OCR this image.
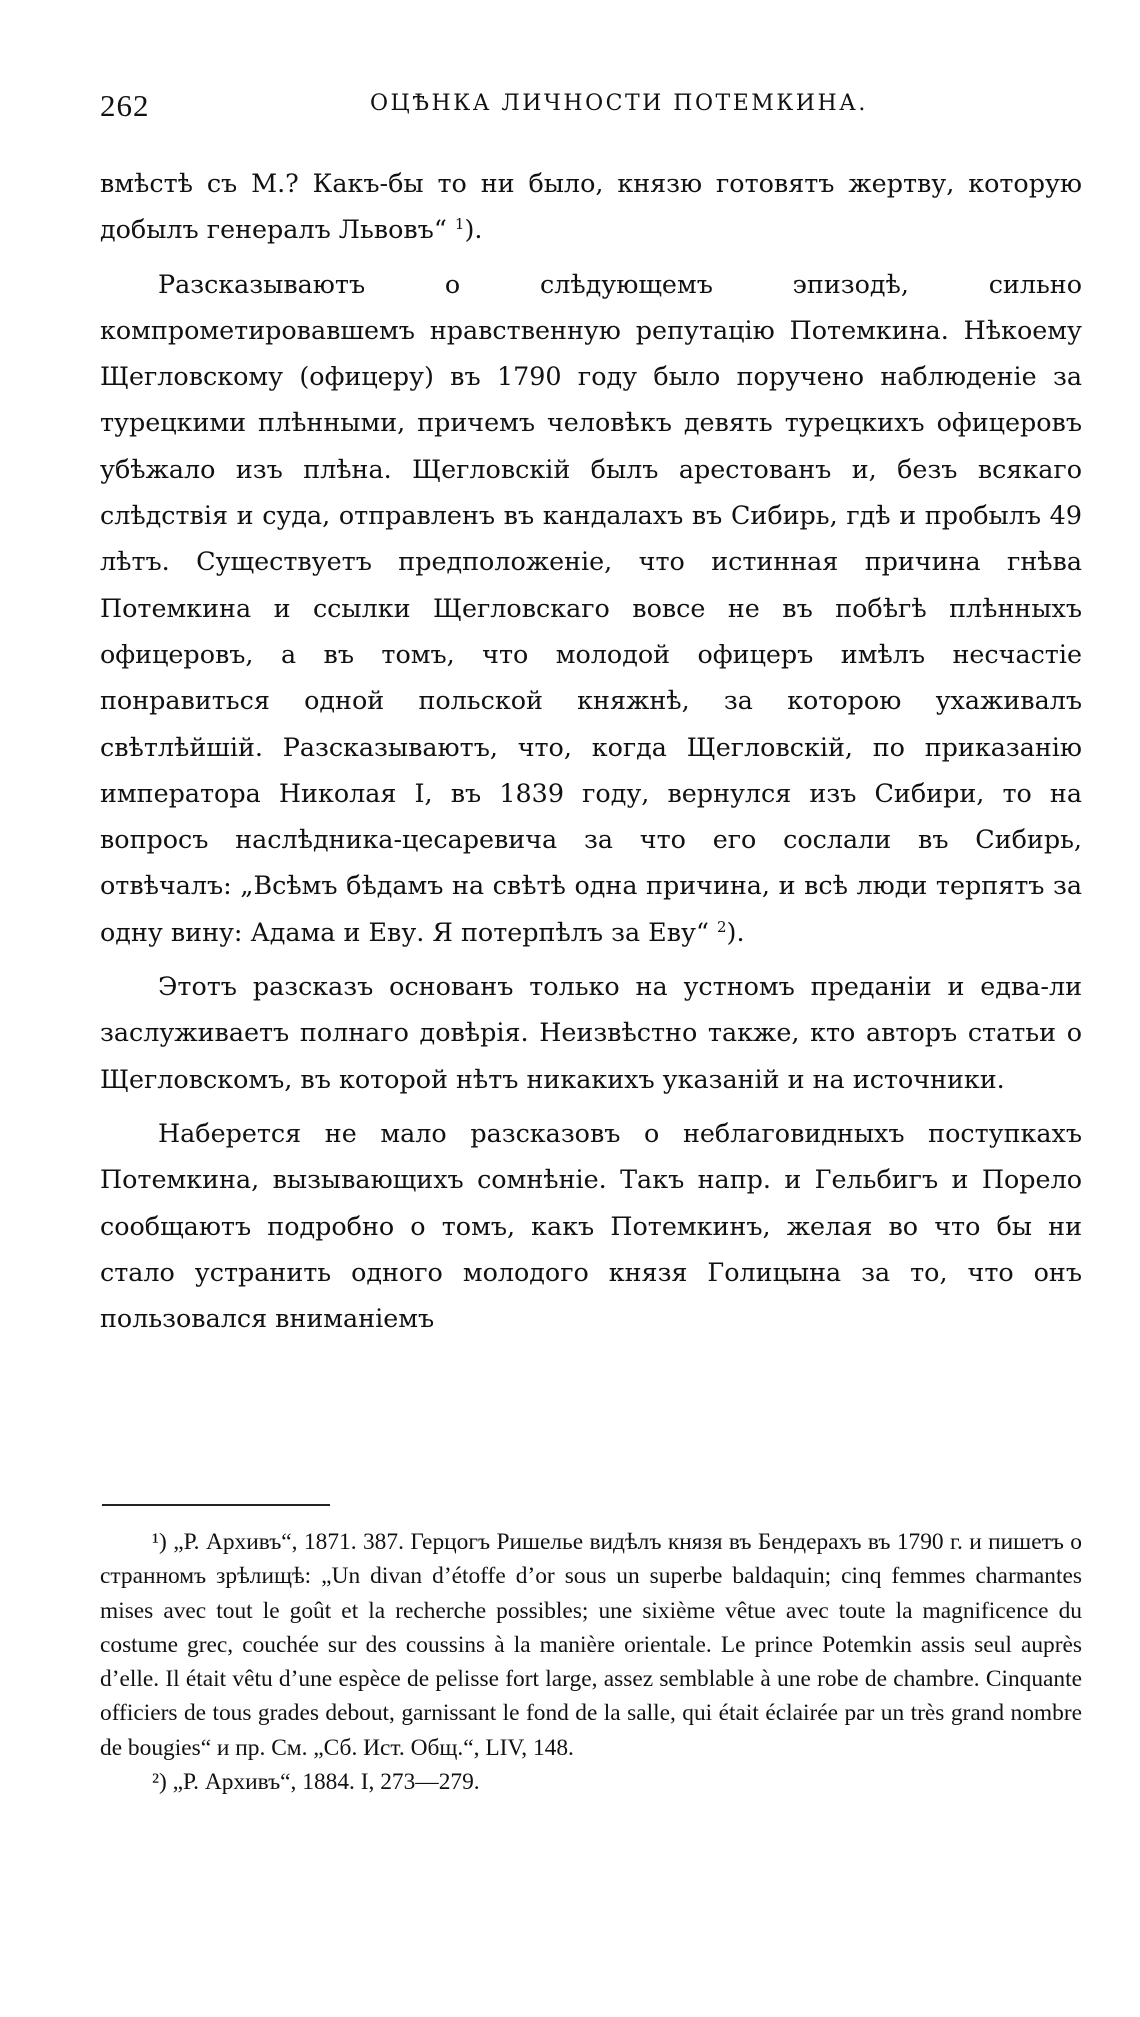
262	ОЦѢНКА ЛИЧНОСТИ ПОТЕМКИНА.

вмѣстѣ съ М.? Какъ-бы то ни было, князю готовятъ жертву, которую добылъ генералъ Львовъ“ $^1$).

Разсказываютъ о слѣдующемъ эпизодѣ, сильно компрометировавшемъ нравственную репутацію Потемкина. Нѣкоему Щегловскому (офицеру) въ 1790 году было поручено наблюденіе за турецкими плѣнными, причемъ человѣкъ девять турецкихъ офицеровъ убѣжало изъ плѣна. Щегловскій былъ арестованъ и, безъ всякаго слѣдствія и суда, отправленъ въ кандалахъ въ Сибирь, гдѣ и пробылъ 49 лѣтъ. Существуетъ предположеніе, что истинная причина гнѣва Потемкина и ссылки Щегловскаго вовсе не въ побѣгѣ плѣнныхъ офицеровъ, а въ томъ, что молодой офицеръ имѣлъ несчастіе понравиться одной польской княжнѣ, за которою ухаживалъ свѣтлѣйшій. Разсказываютъ, что, когда Щегловскій, по приказанію императора Николая I, въ 1839 году, вернулся изъ Сибири, то на вопросъ наслѣдника-цесаревича за что его сослали въ Сибирь, отвѣчалъ: „Всѣмъ бѣдамъ на свѣтѣ одна причина, и всѣ люди терпятъ за одну вину: Адама и Еву. Я потерпѣлъ за Еву“ $^2$).

Этотъ разсказъ основанъ только на устномъ преданіи и едва-ли заслуживаетъ полнаго довѣрія. Неизвѣстно также, кто авторъ статьи о Щегловскомъ, въ которой нѣтъ никакихъ указаній и на источники.

Наберется не мало разсказовъ о неблаговидныхъ поступкахъ Потемкина, вызывающихъ сомнѣніе. Такъ напр. и Гельбигъ и Порело сообщаютъ подробно о томъ, какъ Потемкинъ, желая во что бы ни стало устранить одного молодого князя Голицына за то, что онъ пользовался вниманіемъ

¹) „Р. Архивъ“, 1871. 387. Герцогъ Ришелье видѣлъ князя въ Бендерахъ въ 1790 г. и пишетъ о странномъ зрѣлищѣ: „Un divan d’étoffe d’or sous un superbe baldaquin; cinq femmes charmantes mises avec tout le goût et la recherche possibles; une sixième vêtue avec toute la magnificence du costume grec, couchée sur des coussins à la manière orientale. Le prince Potemkin assis seul auprès d’elle. Il était vêtu d’une espèce de pelisse fort large, assez semblable à une robe de chambre. Cinquante officiers de tous grades debout, garnissant le fond de la salle, qui était éclairée par un très grand nombre de bougies“ и пр. См. „Сб. Ист. Общ.“, LIV, 148.

²) „Р. Архивъ“, 1884. I, 273—279.
